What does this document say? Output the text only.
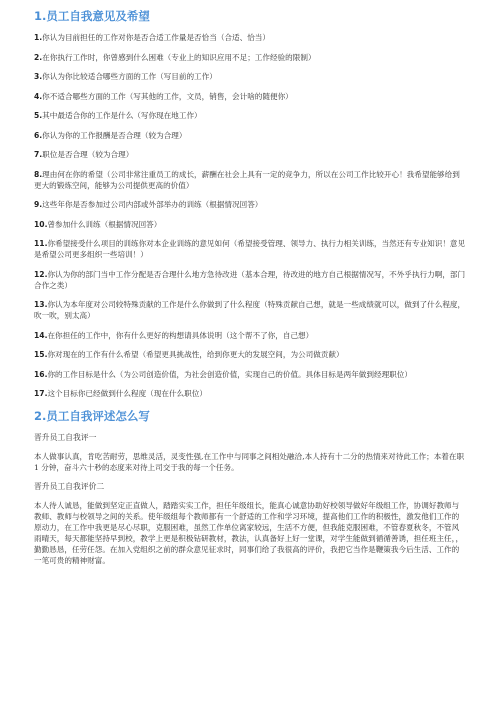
1.员工自我意见及希望
1.你认为目前担任的工作对你是否合适工作量是否恰当（合适、恰当）
2.在你执行工作时，你曾感到什么困难（专业上的知识应用不足；工作经验的限制）
3.你认为你比较适合哪些方面的工作（写目前的工作）
4.你不适合哪些方面的工作（写其他的工作，文员，销售，会计啥的随便你）
5.其中最适合你的工作是什么（写你现在地工作）
6.你认为你的工作报酬是否合理（较为合理）
7.职位是否合理（较为合理）
8.理由何在你的希望（公司非常注重员工的成长，薪酬在社会上具有一定的竞争力，所以在公司工作比较开心！我希望能够给到更大的锻炼空间，能够为公司提供更高的价值）
9.这些年你是否参加过公司内部或外部举办的训练（根据情况回答）
10.曾参加什么训练（根据情况回答）
11.你希望接受什么项目的训练你对本企业训练的意见如何（希望接受管理、领导力、执行力相关训练，当然还有专业知识！意见是希望公司更多组织一些培训！）
12.你认为你的部门当中工作分配是否合理什么地方急待改进（基本合理，待改进的地方自己根据情况写，不外乎执行力啊，部门合作之类）
13.你认为本年度对公司较特殊贡献的工作是什么你做到了什么程度（特殊贡献自己想，就是一些成绩就可以，做到了什么程度，吹一吹，别太高）
14.在你担任的工作中，你有什么更好的构想请具体说明（这个帮不了你，自己想）
15.你对现在的工作有什么希望（希望更具挑战性，给到你更大的发展空间，为公司做贡献）
16.你的工作目标是什么（为公司创造价值，为社会创造价值，实现自己的价值。具体目标是两年做到经理职位）
17.这个目标你已经做到什么程度（现在什么职位）
2.员工自我评述怎么写
晋升员工自我评一
本人做事认真，肯吃苦耐劳，思维灵活，灵变性强,在工作中与同事之间相处融洽,本人持有十二分的热情来对待此工作；本着在职 1 分钟，奋斗六十秒的态度来对待上司交于我的每一个任务。
晋升员工自我评价二
本人待人诚恳，能做到坚定正直做人，踏踏实实工作，担任年级组长，能真心诚意协助好校领导做好年级组工作，协调好教师与教师、教师与校领导之间的关系。使年级组每个教师都有一个舒适的工作和学习环境，提高他们工作的积极性，激发他们工作的原动力，在工作中我更是尽心尽职，克服困难，虽然工作单位离家较远，生活不方便，但我能克服困难，不管春夏秋冬，不管风雨晴天，每天都能坚持早到校，教学上更是积极钻研教材，教法，认真备好上好一堂课，对学生能做到循循善诱，担任班主任，，勤勤恳恳，任劳任怨。在加入党组织之前的群众意见征求时，同事们给了我很高的评价，我把它当作是鞭策我今后生活、工作的一笔可贵的精神财富。
